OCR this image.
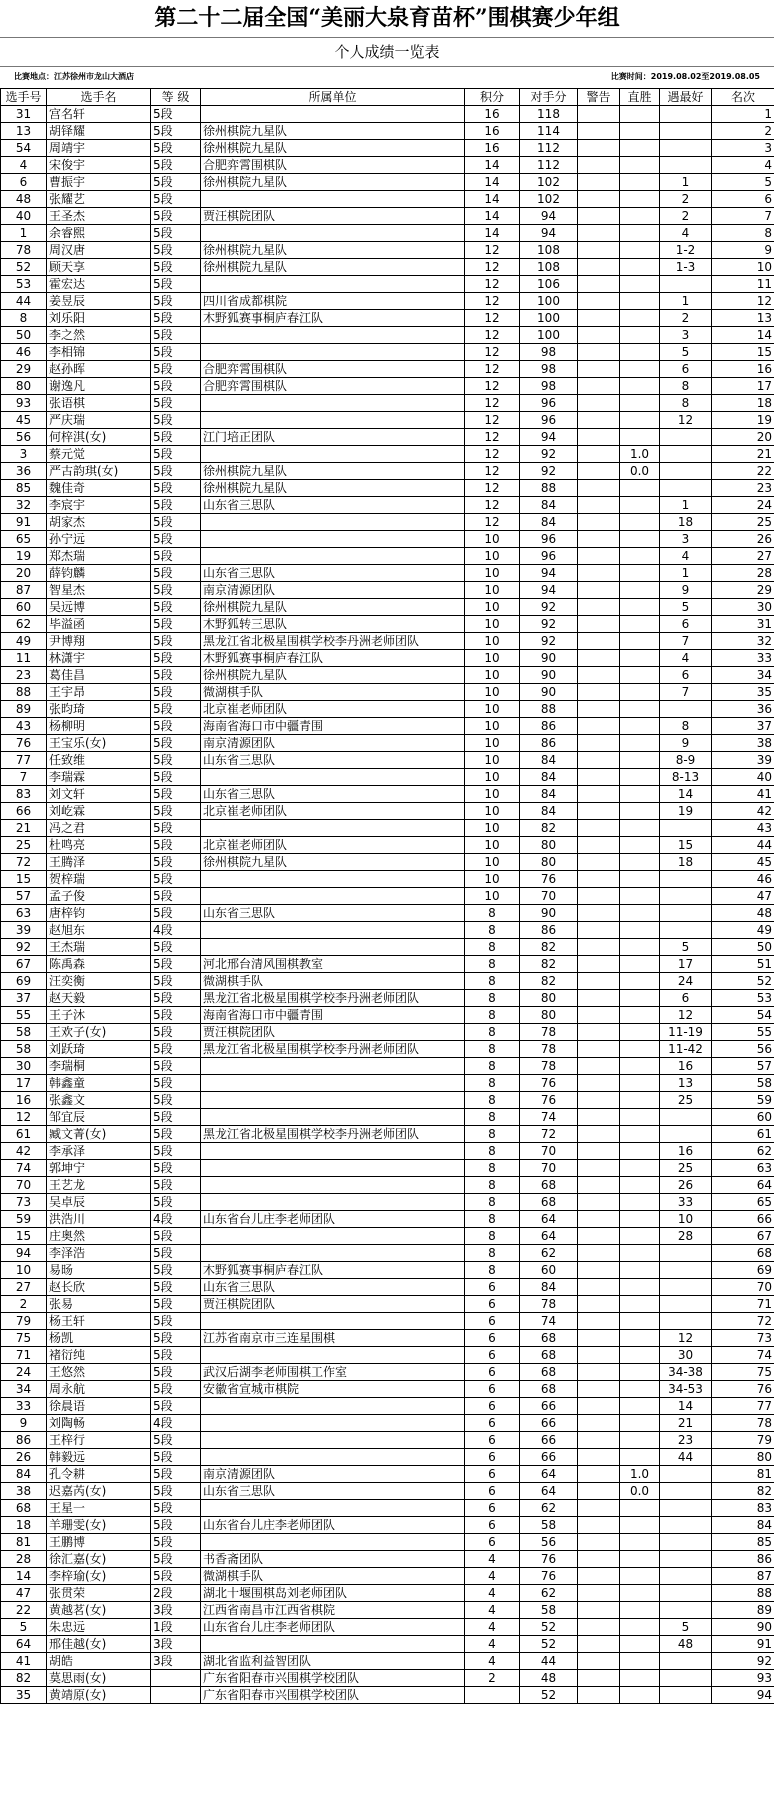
第二十二届全国“美丽大泉育苗杯”围棋赛少年组
个人成绩一览表
比赛地点：江苏徐州市龙山大酒店	比赛时间：2019.08.02至2019.08.05
选手号	选手名	等 级	所属单位	积分	对手分	警告	直胜	遇最好	名次
31	宫名轩	5段		16	118				1
13	胡铎耀	5段	徐州棋院九星队	16	114				2
54	周靖宇	5段	徐州棋院九星队	16	112				3
4	宋俊宇	5段	合肥弈霄围棋队	14	112				4
6	曹振宇	5段	徐州棋院九星队	14	102			1	5
48	张耀艺	5段		14	102			2	6
40	王圣杰	5段	贾汪棋院团队	14	94			2	7
1	余睿熙	5段		14	94			4	8
78	周汉唐	5段	徐州棋院九星队	12	108			1-2	9
52	顾天享	5段	徐州棋院九星队	12	108			1-3	10
53	霍宏达	5段		12	106				11
44	姜昱辰	5段	四川省成都棋院	12	100			1	12
8	刘乐阳	5段	木野狐赛事桐庐春江队	12	100			2	13
50	李之然	5段		12	100			3	14
46	李相锦	5段		12	98			5	15
29	赵孙晖	5段	合肥弈霄围棋队	12	98			6	16
80	谢逸凡	5段	合肥弈霄围棋队	12	98			8	17
93	张语棋	5段		12	96			8	18
45	严庆瑞	5段		12	96			12	19
56	何梓淇(女)	5段	江门培正团队	12	94				20
3	蔡元觉	5段		12	92		1.0		21
36	严古韵琪(女)	5段	徐州棋院九星队	12	92		0.0		22
85	魏佳奇	5段	徐州棋院九星队	12	88				23
32	李宸宇	5段	山东省三思队	12	84			1	24
91	胡家杰	5段		12	84			18	25
65	孙宁远	5段		10	96			3	26
19	郑杰瑞	5段		10	96			4	27
20	薛钧麟	5段	山东省三思队	10	94			1	28
87	智星杰	5段	南京清源团队	10	94			9	29
60	吴远博	5段	徐州棋院九星队	10	92			5	30
62	毕溢函	5段	木野狐转三思队	10	92			6	31
49	尹博翔	5段	黑龙江省北极星围棋学校李丹洲老师团队	10	92			7	32
11	林潇宇	5段	木野狐赛事桐庐春江队	10	90			4	33
23	葛佳昌	5段	徐州棋院九星队	10	90			6	34
88	王宇昂	5段	微湖棋手队	10	90			7	35
89	张昀琦	5段	北京崔老师团队	10	88				36
43	杨柳明	5段	海南省海口市中疆青围	10	86			8	37
76	王宝乐(女)	5段	南京清源团队	10	86			9	38
77	任致维	5段	山东省三思队	10	84			8-9	39
7	李瑞霖	5段		10	84			8-13	40
83	刘文轩	5段	山东省三思队	10	84			14	41
66	刘屹霖	5段	北京崔老师团队	10	84			19	42
21	冯之君	5段		10	82				43
25	杜鸣亮	5段	北京崔老师团队	10	80			15	44
72	王腾泽	5段	徐州棋院九星队	10	80			18	45
15	贺梓瑞	5段		10	76				46
57	孟子俊	5段		10	70				47
63	唐梓钧	5段	山东省三思队	8	90				48
39	赵旭东	4段		8	86				49
92	王杰瑞	5段		8	82			5	50
67	陈禹森	5段	河北邢台清风围棋教室	8	82			17	51
69	汪奕衡	5段	微湖棋手队	8	82			24	52
37	赵天毅	5段	黑龙江省北极星围棋学校李丹洲老师团队	8	80			6	53
55	王子沐	5段	海南省海口市中疆青围	8	80			12	54
58	王欢子(女)	5段	贾汪棋院团队	8	78			11-19	55
58	刘跃琦	5段	黑龙江省北极星围棋学校李丹洲老师团队	8	78			11-42	56
30	李瑞桐	5段		8	78			16	57
17	韩鑫童	5段		8	76			13	58
16	张鑫文	5段		8	76			25	59
12	邹宜辰	5段		8	74				60
61	臧文菁(女)	5段	黑龙江省北极星围棋学校李丹洲老师团队	8	72				61
42	李承泽	5段		8	70			16	62
74	郭坤宁	5段		8	70			25	63
70	王艺龙	5段		8	68			26	64
73	吴卓辰	5段		8	68			33	65
59	洪浩川	4段	山东省台儿庄李老师团队	8	64			10	66
15	庄奥然	5段		8	64			28	67
94	李泽浩	5段		8	62				68
10	易旸	5段	木野狐赛事桐庐春江队	8	60				69
27	赵长欣	5段	山东省三思队	6	84				70
2	张易	5段	贾汪棋院团队	6	78				71
79	杨王轩	5段		6	74				72
75	杨凯	5段	江苏省南京市三连星围棋	6	68			12	73
71	褚衍纯	5段		6	68			30	74
24	王悠然	5段	武汉后湖李老师围棋工作室	6	68			34-38	75
34	周永航	5段	安徽省宣城市棋院	6	68			34-53	76
33	徐晨语	5段		6	66			14	77
9	刘陶畅	4段		6	66			21	78
86	王梓行	5段		6	66			23	79
26	韩毅远	5段		6	66			44	80
84	孔令耕	5段	南京清源团队	6	64		1.0		81
38	迟嘉芮(女)	5段	山东省三思队	6	64		0.0		82
68	王星一	5段		6	62				83
18	羊珊雯(女)	5段	山东省台儿庄李老师团队	6	58				84
81	王鹏博	5段		6	56				85
28	徐汇嘉(女)	5段	书香斋团队	4	76				86
14	李梓瑜(女)	5段	微湖棋手队	4	76				87
47	张贯荣	2段	湖北十堰围棋岛刘老师团队	4	62				88
22	黄越茗(女)	3段	江西省南昌市江西省棋院	4	58				89
5	朱忠远	1段	山东省台儿庄李老师团队	4	52			5	90
64	邢佳越(女)	3段		4	52			48	91
41	胡皓	3段	湖北省监利益智团队	4	44				92
82	莫思雨(女)		广东省阳春市兴围棋学校团队	2	48				93
35	黄靖原(女)		广东省阳春市兴围棋学校团队		52				94
